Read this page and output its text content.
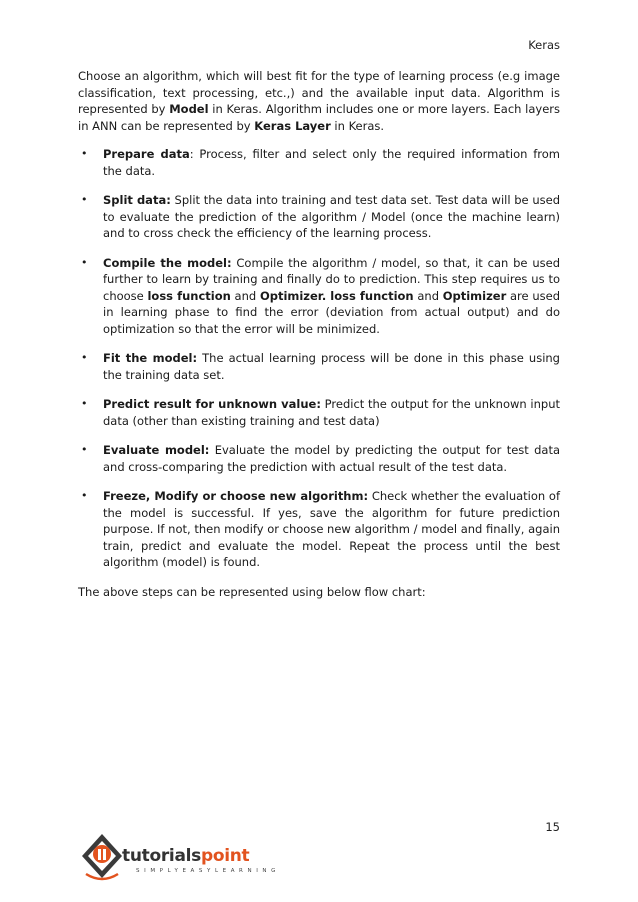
Keras

Choose an algorithm, which will best fit for the type of learning process (e.g image classification, text processing, etc.,) and the available input data. Algorithm is represented by Model in Keras. Algorithm includes one or more layers. Each layers in ANN can be represented by Keras Layer in Keras.

• Prepare data: Process, filter and select only the required information from the data.
• Split data: Split the data into training and test data set. Test data will be used to evaluate the prediction of the algorithm / Model (once the machine learn) and to cross check the efficiency of the learning process.
• Compile the model: Compile the algorithm / model, so that, it can be used further to learn by training and finally do to prediction. This step requires us to choose loss function and Optimizer. loss function and Optimizer are used in learning phase to find the error (deviation from actual output) and do optimization so that the error will be minimized.
• Fit the model: The actual learning process will be done in this phase using the training data set.
• Predict result for unknown value: Predict the output for the unknown input data (other than existing training and test data)
• Evaluate model: Evaluate the model by predicting the output for test data and cross-comparing the prediction with actual result of the test data.
• Freeze, Modify or choose new algorithm: Check whether the evaluation of the model is successful. If yes, save the algorithm for future prediction purpose. If not, then modify or choose new algorithm / model and finally, again train, predict and evaluate the model. Repeat the process until the best algorithm (model) is found.

The above steps can be represented using below flow chart:

15
tutorialspoint
SIMPLYEASYLEARNING
